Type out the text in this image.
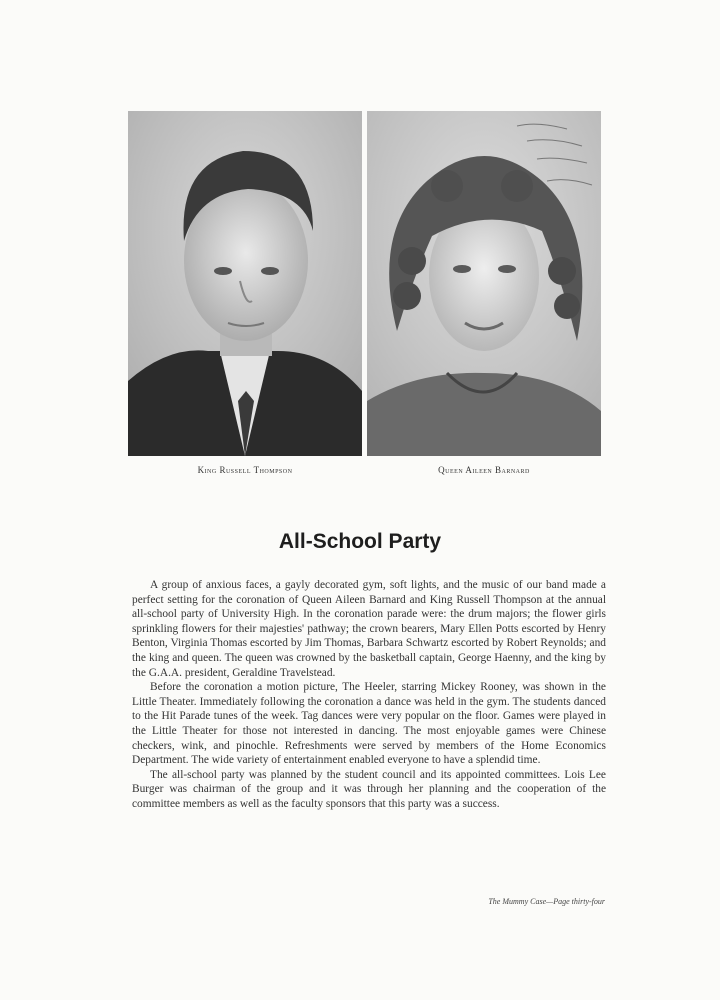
King Russell Thompson	Queen Aileen Barnard
All-School Party

A group of anxious faces, a gayly decorated gym, soft lights, and the music of our band made a perfect setting for the coronation of Queen Aileen Barnard and King Russell Thompson at the annual all-school party of University High. In the coronation parade were: the drum majors; the flower girls sprinkling flowers for their majesties' pathway; the crown bearers, Mary Ellen Potts escorted by Henry Benton, Virginia Thomas escorted by Jim Thomas, Barbara Schwartz escorted by Robert Reynolds; and the king and queen. The queen was crowned by the basketball captain, George Haenny, and the king by the G.A.A. president, Geraldine Travelstead.

Before the coronation a motion picture, The Heeler, starring Mickey Rooney, was shown in the Little Theater. Immediately following the coronation a dance was held in the gym. The students danced to the Hit Parade tunes of the week. Tag dances were very popular on the floor. Games were played in the Little Theater for those not interested in dancing. The most enjoyable games were Chinese checkers, wink, and pinochle. Refreshments were served by members of the Home Economics Department. The wide variety of entertainment enabled everyone to have a splendid time.

The all-school party was planned by the student council and its appointed committees. Lois Lee Burger was chairman of the group and it was through her planning and the cooperation of the committee members as well as the faculty sponsors that this party was a success.

The Mummy Case—Page thirty-four
